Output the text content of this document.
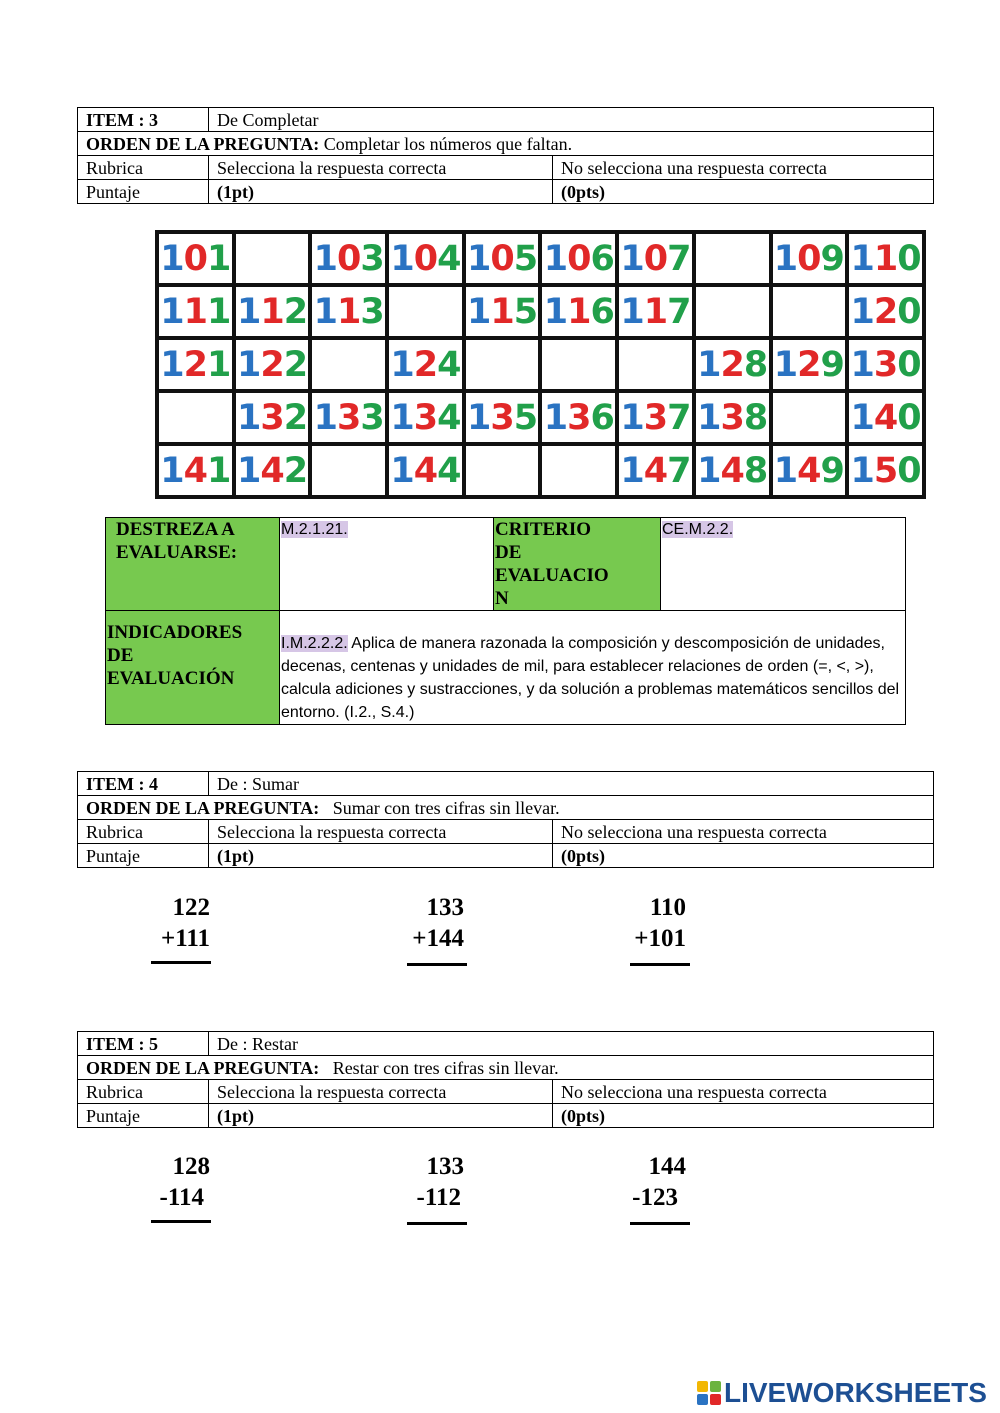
ITEM : 3	De Completar	
ORDEN DE LA PREGUNTA: Completar los números que faltan.		
Rubrica	Selecciona la respuesta correcta	No selecciona una respuesta correcta
Puntaje	(1pt)	(0pts)
101		103	104	105	106	107		109	110
111	112	113		115	116	117			120
121	122		124				128	129	130
	132	133	134	135	136	137	138		140
141	142		144			147	148	149	150
DESTREZA A EVALUARSE:	M.2.1.21.	CRITERIO DE EVALUACIO N	CE.M.2.2.

INDICADORES DE EVALUACIÓN	I.M.2.2.2. Aplica de manera razonada la composición y descomposición de unidades, decenas, centenas y unidades de mil, para establecer relaciones de orden (=, <, >), calcula adiciones y sustracciones, y da solución a problemas matemáticos sencillos del entorno. (I.2., S.4.)		
ITEM : 4	De : Sumar	
ORDEN DE LA PREGUNTA: Sumar con tres cifras sin llevar.		
Rubrica	Selecciona la respuesta correcta	No selecciona una respuesta correcta
Puntaje	(1pt)	(0pts)
122
+111
133
+144
110
+101
ITEM : 5	De : Restar	
ORDEN DE LA PREGUNTA: Restar con tres cifras sin llevar.		
Rubrica	Selecciona la respuesta correcta	No selecciona una respuesta correcta
Puntaje	(1pt)	(0pts)
128
-114
133
-112
144
-123
LIVEWORKSHEETS
